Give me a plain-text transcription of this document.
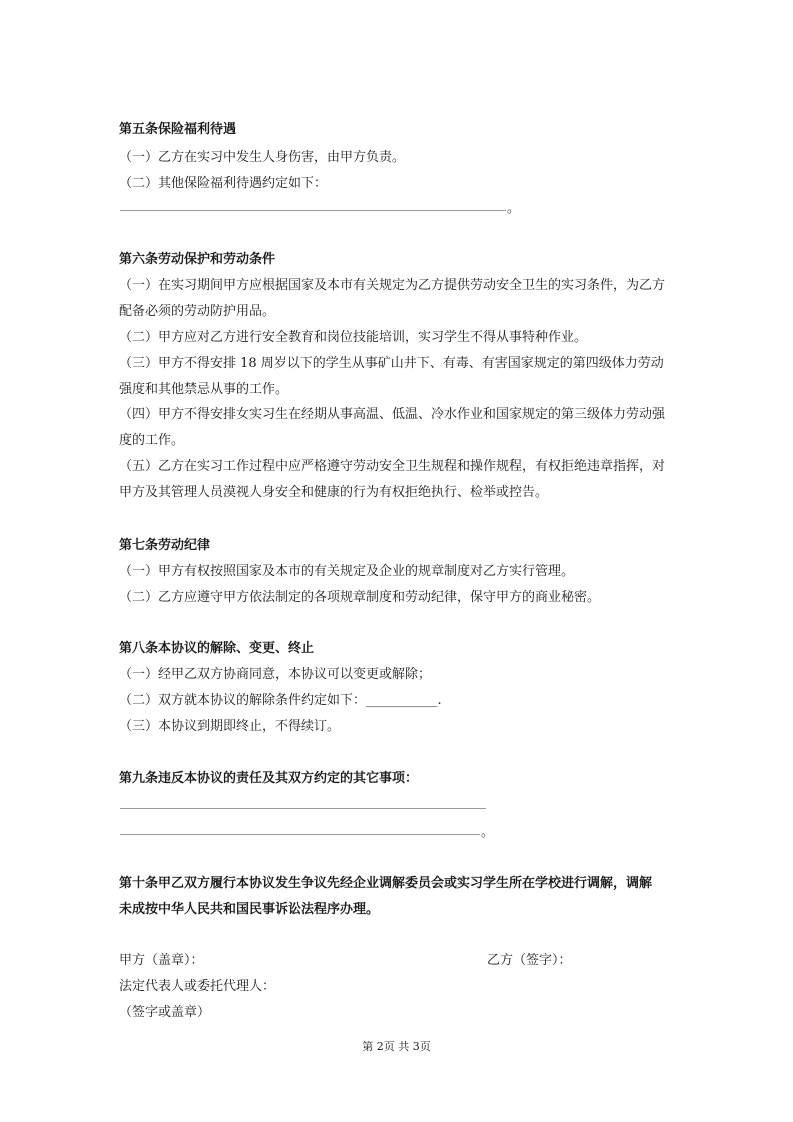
第五条保险福利待遇
（一）乙方在实习中发生人身伤害，由甲方负责。
（二）其他保险福利待遇约定如下：
。
第六条劳动保护和劳动条件
（一）在实习期间甲方应根据国家及本市有关规定为乙方提供劳动安全卫生的实习条件，为乙方
配备必须的劳动防护用品。
（二）甲方应对乙方进行安全教育和岗位技能培训，实习学生不得从事特种作业。
（三）甲方不得安排 18 周岁以下的学生从事矿山井下、有毒、有害国家规定的第四级体力劳动
强度和其他禁忌从事的工作。
（四）甲方不得安排女实习生在经期从事高温、低温、冷水作业和国家规定的第三级体力劳动强
度的工作。
（五）乙方在实习工作过程中应严格遵守劳动安全卫生规程和操作规程，有权拒绝违章指挥，对
甲方及其管理人员漠视人身安全和健康的行为有权拒绝执行、检举或控告。
第七条劳动纪律
（一）甲方有权按照国家及本市的有关规定及企业的规章制度对乙方实行管理。
（二）乙方应遵守甲方依法制定的各项规章制度和劳动纪律，保守甲方的商业秘密。
第八条本协议的解除、变更、终止
（一）经甲乙双方协商同意，本协议可以变更或解除；
（二）双方就本协议的解除条件约定如下：___________.
（三）本协议到期即终止，不得续订。
第九条违反本协议的责任及其双方约定的其它事项：
。
第十条甲乙双方履行本协议发生争议先经企业调解委员会或实习学生所在学校进行调解，调解
未成按中华人民共和国民事诉讼法程序办理。
甲方（盖章）：	乙方（签字）：
法定代表人或委托代理人：
（签字或盖章）
第 2页 共 3页
